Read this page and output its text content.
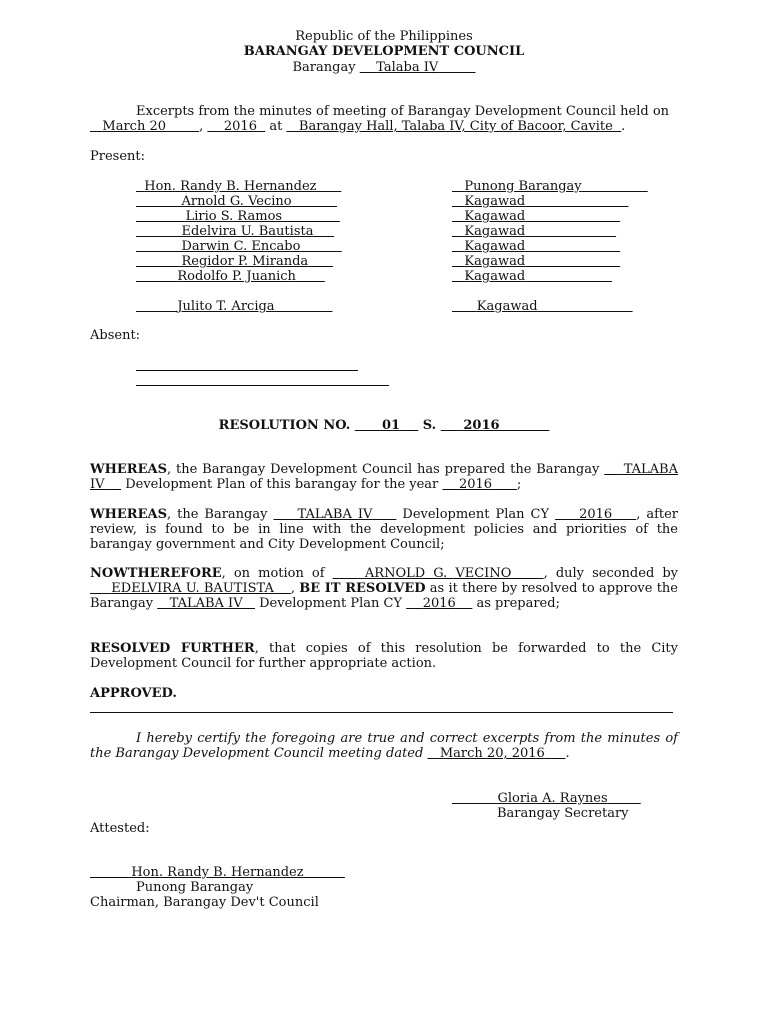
Republic of the Philippines
BARANGAY DEVELOPMENT COUNCIL
Barangay Talaba IV
Excerpts from the minutes of meeting of Barangay Development Council held on
March 20	,     2016 at Barangay Hall, Talaba IV, City of Bacoor, Cavite .
Present:
Hon. Randy B. Hernandez	Punong Barangay
Arnold G. Vecino	Kagawad
Lirio S. Ramos	Kagawad
Edelvira U. Bautista	Kagawad
Darwin C. Encabo	Kagawad
Regidor P. Miranda	Kagawad
Rodolfo P. Juanich	Kagawad
Julito T. Arciga	Kagawad
Absent:
RESOLUTION NO. 01 S. 2016
WHEREAS, the Barangay Development Council has prepared the Barangay TALABA IV Development Plan of this barangay for the year 2016 ;
WHEREAS, the Barangay TALABA IV Development Plan CY 2016 , after review, is found to be in line with the development policies and priorities of the barangay government and City Development Council;
NOWTHEREFORE, on motion of	ARNOLD G. VECINO , duly seconded by      EDELVIRA U. BAUTISTA , BE IT RESOLVED as it there by resolved to approve the Barangay TALABA IV Development Plan CY 2016 as prepared;
RESOLVED FURTHER, that copies of this resolution be forwarded to the City Development Council for further appropriate action.
APPROVED.
I hereby certify the foregoing are true and correct excerpts from the minutes of the Barangay Development Council meeting dated March 20, 2016 .
Gloria A. Raynes
Barangay Secretary
Attested:
Hon. Randy B. Hernandez
Punong Barangay
Chairman, Barangay Dev't Council
